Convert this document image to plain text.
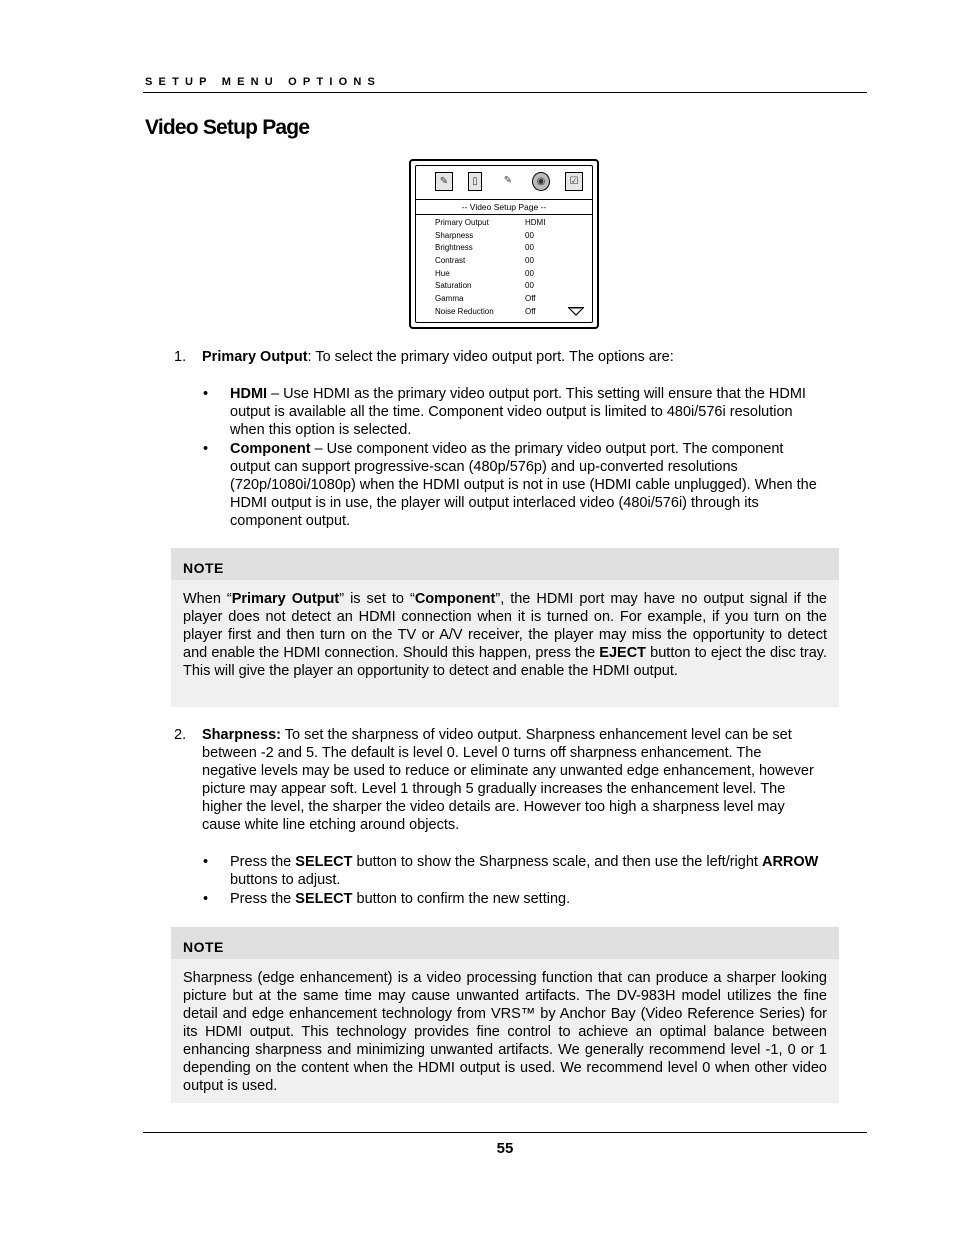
SETUP MENU OPTIONS
Video Setup Page
✎	▯	✎	◉	☑
-- Video Setup Page --
Primary Output	HDMI
Sharpness	00
Brightness	00
Contrast	00
Hue	00
Saturation	00
Gamma	Off
Noise Reduction	Off
1. Primary Output: To select the primary video output port. The options are:
• HDMI – Use HDMI as the primary video output port. This setting will ensure that the HDMI
output is available all the time. Component video output is limited to 480i/576i resolution
when this option is selected.
• Component – Use component video as the primary video output port. The component
output can support progressive-scan (480p/576p) and up-converted resolutions
(720p/1080i/1080p) when the HDMI output is not in use (HDMI cable unplugged). When the
HDMI output is in use, the player will output interlaced video (480i/576i) through its
component output.
NOTE
When “Primary Output” is set to “Component”, the HDMI port may have no output signal if the player does not detect an HDMI connection when it is turned on. For example, if you turn on the player first and then turn on the TV or A/V receiver, the player may miss the opportunity to detect and enable the HDMI connection. Should this happen, press the EJECT button to eject the disc tray. This will give the player an opportunity to detect and enable the HDMI output.
2. Sharpness: To set the sharpness of video output. Sharpness enhancement level can be set
between -2 and 5. The default is level 0. Level 0 turns off sharpness enhancement. The
negative levels may be used to reduce or eliminate any unwanted edge enhancement, however
picture may appear soft. Level 1 through 5 gradually increases the enhancement level. The
higher the level, the sharper the video details are. However too high a sharpness level may
cause white line etching around objects.
• Press the SELECT button to show the Sharpness scale, and then use the left/right ARROW
buttons to adjust.
• Press the SELECT button to confirm the new setting.
NOTE
Sharpness (edge enhancement) is a video processing function that can produce a sharper looking picture but at the same time may cause unwanted artifacts. The DV-983H model utilizes the fine detail and edge enhancement technology from VRS™ by Anchor Bay (Video Reference Series) for its HDMI output. This technology provides fine control to achieve an optimal balance between enhancing sharpness and minimizing unwanted artifacts. We generally recommend level -1, 0 or 1 depending on the content when the HDMI output is used. We recommend level 0 when other video output is used.
55
